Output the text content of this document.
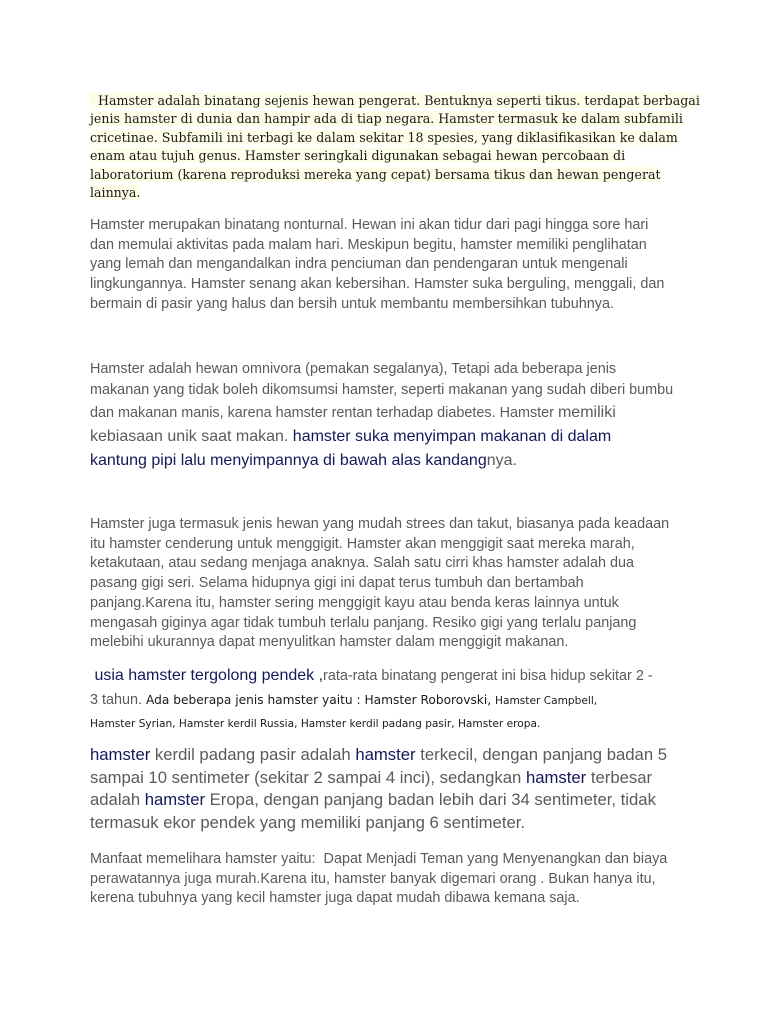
Hamster adalah binatang sejenis hewan pengerat. Bentuknya seperti tikus. terdapat berbagai
jenis hamster di dunia dan hampir ada di tiap negara. Hamster termasuk ke dalam subfamili
cricetinae. Subfamili ini terbagi ke dalam sekitar 18 spesies, yang diklasifikasikan ke dalam
enam atau tujuh genus. Hamster seringkali digunakan sebagai hewan percobaan di
laboratorium (karena reproduksi mereka yang cepat) bersama tikus dan hewan pengerat
lainnya.
Hamster merupakan binatang nonturnal. Hewan ini akan tidur dari pagi hingga sore hari
dan memulai aktivitas pada malam hari. Meskipun begitu, hamster memiliki penglihatan
yang lemah dan mengandalkan indra penciuman dan pendengaran untuk mengenali
lingkungannya. Hamster senang akan kebersihan. Hamster suka berguling, menggali, dan
bermain di pasir yang halus dan bersih untuk membantu membersihkan tubuhnya.
Hamster adalah hewan omnivora (pemakan segalanya), Tetapi ada beberapa jenis
makanan yang tidak boleh dikomsumsi hamster, seperti makanan yang sudah diberi bumbu
dan makanan manis, karena hamster rentan terhadap diabetes. Hamster memiliki
kebiasaan unik saat makan. hamster suka menyimpan makanan di dalam
kantung pipi lalu menyimpannya di bawah alas kandangnya.
Hamster juga termasuk jenis hewan yang mudah strees dan takut, biasanya pada keadaan
itu hamster cenderung untuk menggigit. Hamster akan menggigit saat mereka marah,
ketakutaan, atau sedang menjaga anaknya. Salah satu cirri khas hamster adalah dua
pasang gigi seri. Selama hidupnya gigi ini dapat terus tumbuh dan bertambah
panjang.Karena itu, hamster sering menggigit kayu atau benda keras lainnya untuk
mengasah giginya agar tidak tumbuh terlalu panjang. Resiko gigi yang terlalu panjang
melebihi ukurannya dapat menyulitkan hamster dalam menggigit makanan.
usia hamster tergolong pendek ,rata-rata binatang pengerat ini bisa hidup sekitar 2 -
3 tahun. Ada beberapa jenis hamster yaitu : Hamster Roborovski, Hamster Campbell,
Hamster Syrian, Hamster kerdil Russia, Hamster kerdil padang pasir, Hamster eropa.
hamster kerdil padang pasir adalah hamster terkecil, dengan panjang badan 5
sampai 10 sentimeter (sekitar 2 sampai 4 inci), sedangkan hamster terbesar
adalah hamster Eropa, dengan panjang badan lebih dari 34 sentimeter, tidak
termasuk ekor pendek yang memiliki panjang 6 sentimeter.
Manfaat memelihara hamster yaitu:  Dapat Menjadi Teman yang Menyenangkan dan biaya
perawatannya juga murah.Karena itu, hamster banyak digemari orang . Bukan hanya itu,
kerena tubuhnya yang kecil hamster juga dapat mudah dibawa kemana saja.
